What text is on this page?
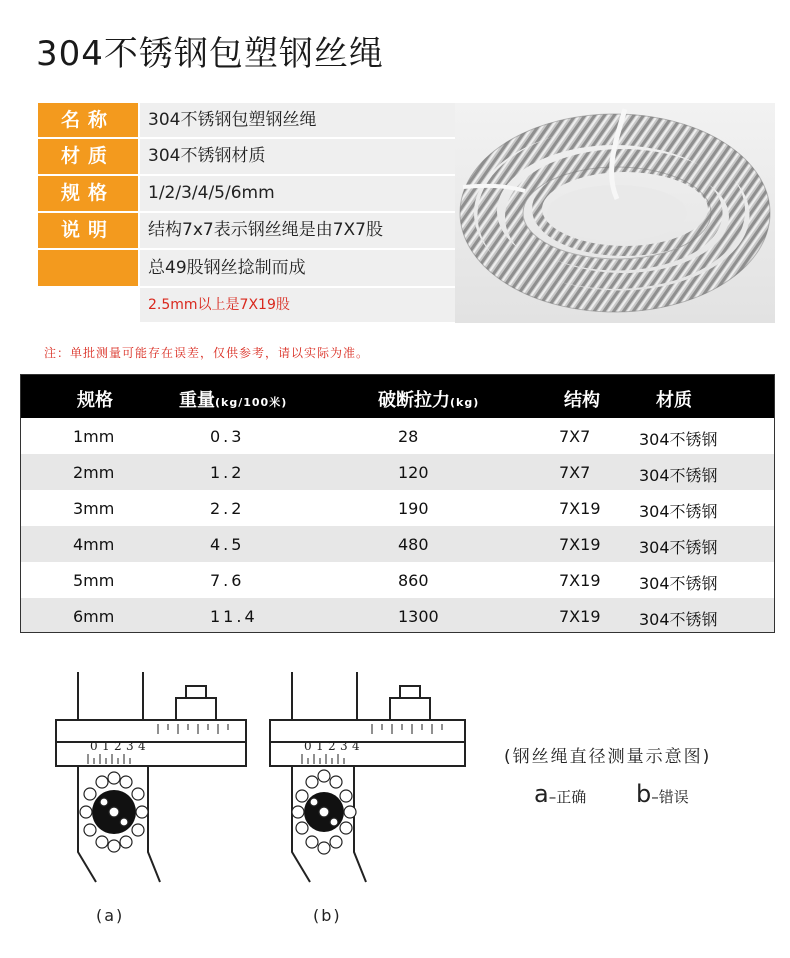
304不锈钢包塑钢丝绳
名称	304不锈钢包塑钢丝绳
材质	304不锈钢材质
规格	1/2/3/4/5/6mm
说明	结构7x7表示钢丝绳是由7X7股
总49股钢丝捻制而成
2.5mm以上是7X19股
注：单批测量可能存在误差，仅供参考，请以实际为准。
规格	重量(kg/100米)	破断拉力(kg)	结构	材质
1mm	0.3	28	7X7	304不锈钢
2mm	1.2	120	7X7	304不锈钢
3mm	2.2	190	7X19 304不锈钢
4mm	4.5	480	7X19 304不锈钢
5mm	7.6	860	7X19 304不锈钢
6mm	11.4	1300	7X19 304不锈钢
0 1 2 3 4	0 1 2 3 4
(a)	(b)
(钢丝绳直径测量示意图)
a–正确 b–错误
